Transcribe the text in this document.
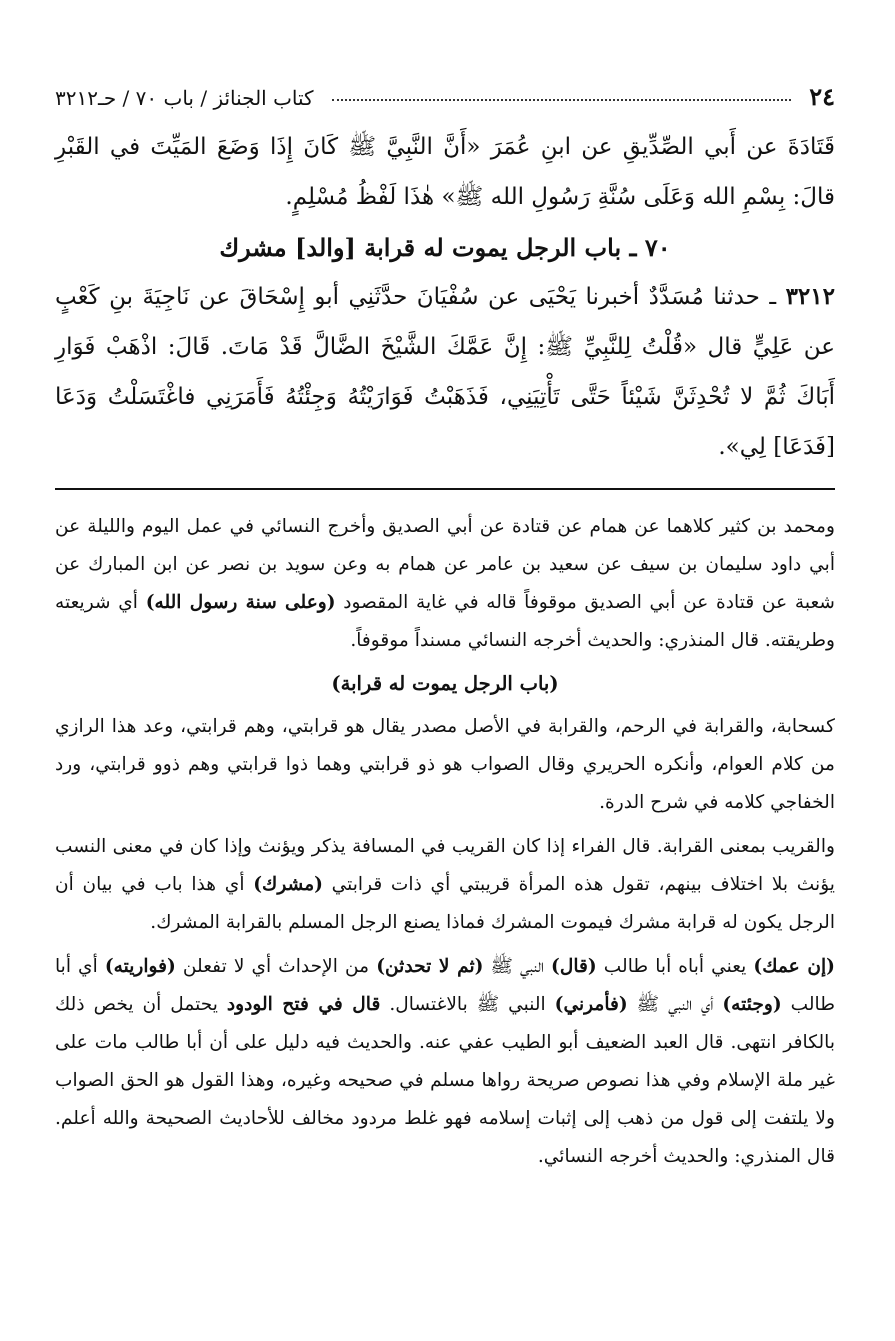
٢٤
كتاب الجنائز / باب ٧٠ / حـ٣٢١٢

قَتَادَةَ عن أَبي الصِّدِّيقِ عن ابنِ عُمَرَ «أَنَّ النَّبِيَّ ﷺ كَانَ إِذَا وَضَعَ المَيِّتَ في القَبْرِ قالَ: بِسْمِ الله وَعَلَى سُنَّةِ رَسُولِ الله ﷺ» هٰذَا لَفْظُ مُسْلِمٍ.

٧٠ ـ باب الرجل يموت له قرابة [والد] مشرك

٣٢١٢ ـ حدثنا مُسَدَّدٌ أخبرنا يَحْيَى عن سُفْيَانَ حدَّثَنِي أبو إِسْحَاقَ عن نَاجِيَةَ بنِ كَعْبٍ عن عَلِيٍّ قال «قُلْتُ لِلنَّبِيِّ ﷺ: إِنَّ عَمَّكَ الشَّيْخَ الضَّالَّ قَدْ مَاتَ. قَالَ: اذْهَبْ فَوَارِ أَبَاكَ ثُمَّ لا تُحْدِثَنَّ شَيْئاً حَتَّى تَأْتِيَنِي، فَذَهَبْتُ فَوَارَيْتُهُ وَجِئْتُهُ فَأَمَرَنِي فاغْتَسَلْتُ وَدَعَا [فَدَعَا] لِي».

ومحمد بن كثير كلاهما عن همام عن قتادة عن أبي الصديق وأخرج النسائي في عمل اليوم والليلة عن أبي داود سليمان بن سيف عن سعيد بن عامر عن همام به وعن سويد بن نصر عن ابن المبارك عن شعبة عن قتادة عن أبي الصديق موقوفاً قاله في غاية المقصود (وعلى سنة رسول الله) أي شريعته وطريقته. قال المنذري: والحديث أخرجه النسائي مسنداً موقوفاً.

(باب الرجل يموت له قرابة)

كسحابة، والقرابة في الرحم، والقرابة في الأصل مصدر يقال هو قرابتي، وهم قرابتي، وعد هذا الرازي من كلام العوام، وأنكره الحريري وقال الصواب هو ذو قرابتي وهما ذوا قرابتي وهم ذوو قرابتي، ورد الخفاجي كلامه في شرح الدرة.

والقريب بمعنى القرابة. قال الفراء إذا كان القريب في المسافة يذكر ويؤنث وإذا كان في معنى النسب يؤنث بلا اختلاف بينهم، تقول هذه المرأة قريبتي أي ذات قرابتي (مشرك) أي هذا باب في بيان أن الرجل يكون له قرابة مشرك فيموت المشرك فماذا يصنع الرجل المسلم بالقرابة المشرك.

(إن عمك) يعني أباه أبا طالب (قال) النبي ﷺ (ثم لا تحدثن) من الإحداث أي لا تفعلن (فواريته) أي أبا طالب (وجئته) أي النبي ﷺ (فأمرني) النبي ﷺ بالاغتسال. قال في فتح الودود يحتمل أن يخص ذلك بالكافر انتهى. قال العبد الضعيف أبو الطيب عفي عنه. والحديث فيه دليل على أن أبا طالب مات على غير ملة الإسلام وفي هذا نصوص صريحة رواها مسلم في صحيحه وغيره، وهذا القول هو الحق الصواب ولا يلتفت إلى قول من ذهب إلى إثبات إسلامه فهو غلط مردود مخالف للأحاديث الصحيحة والله أعلم. قال المنذري: والحديث أخرجه النسائي.
